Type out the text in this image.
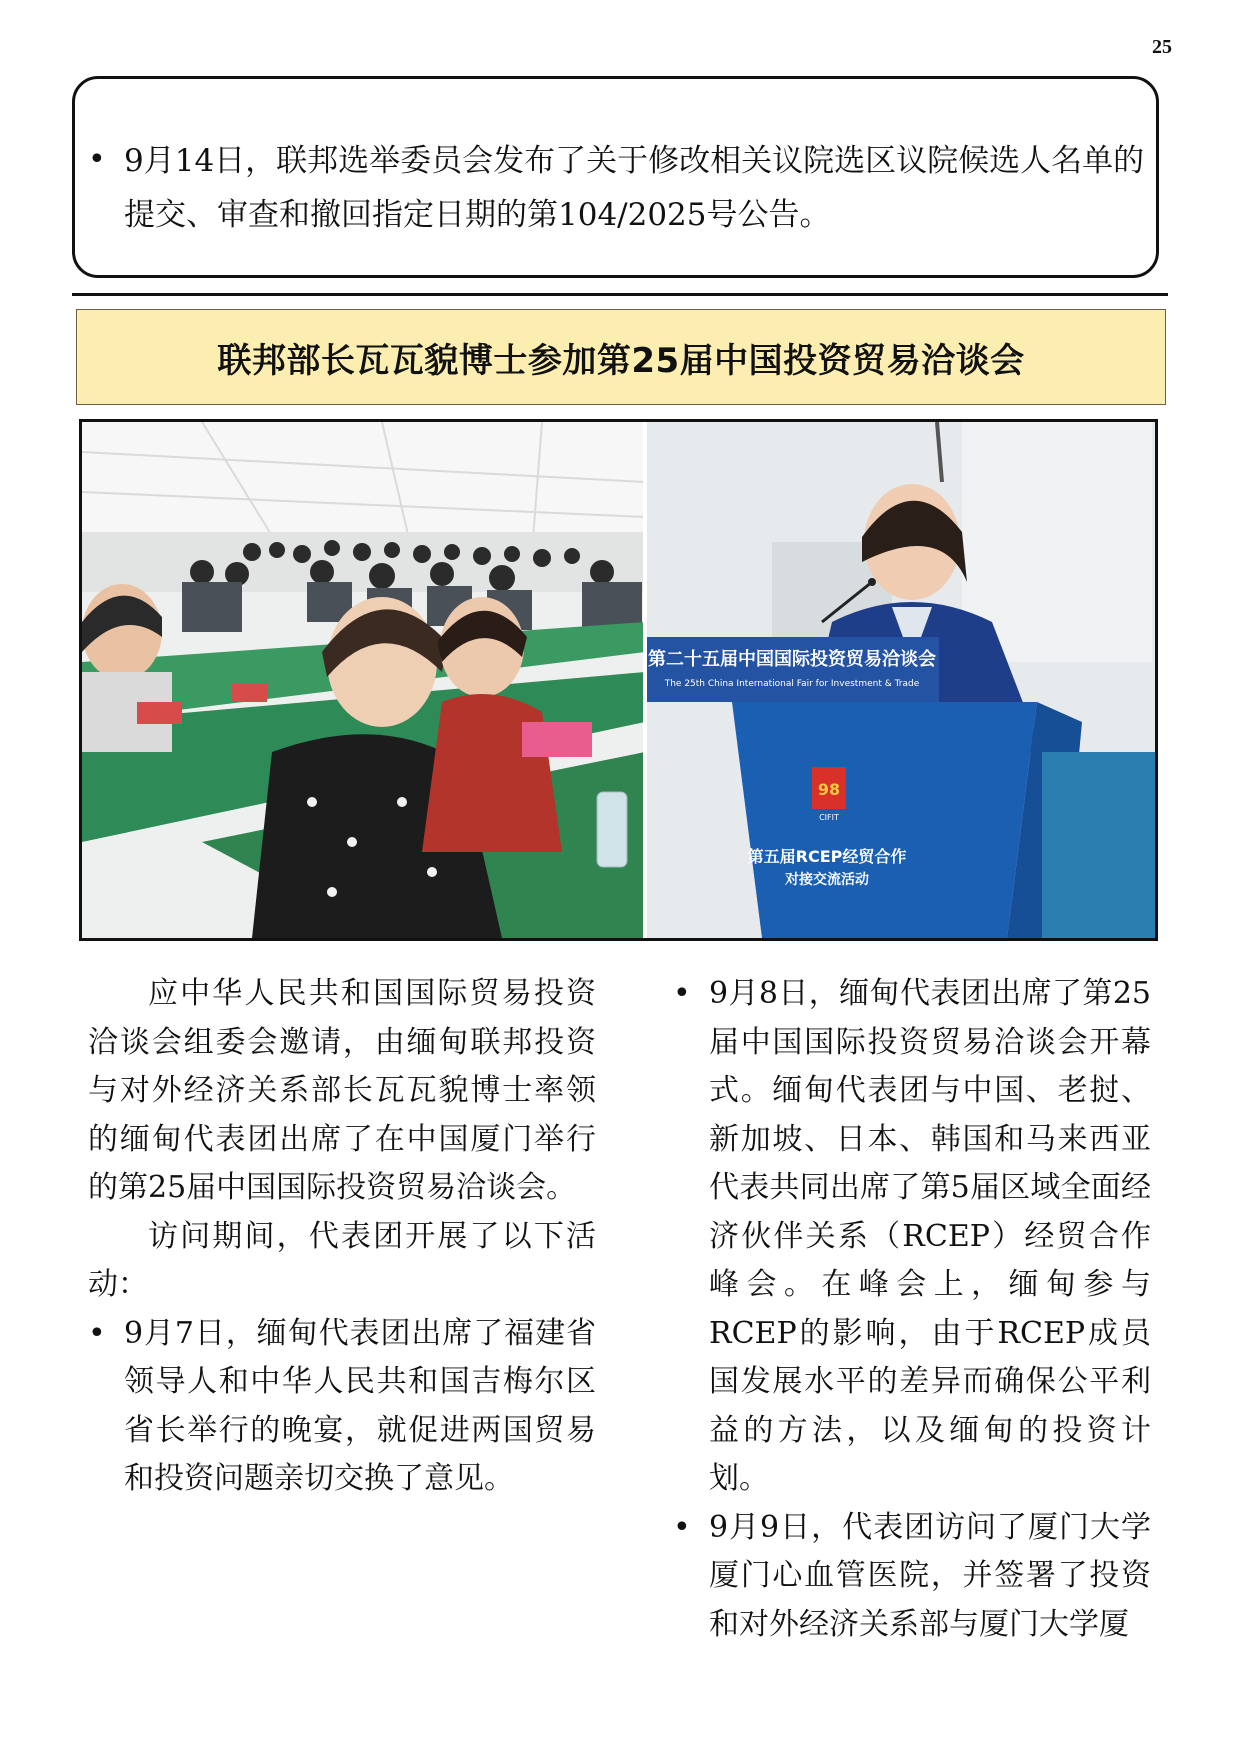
25
• 9月14日，联邦选举委员会发布了关于修改相关议院选区议院候选人名单的提交、审查和撤回指定日期的第104/2025号公告。

联邦部长瓦瓦貌博士参加第25届中国投资贸易洽谈会
第二十五届中国国际投资贸易洽谈会
The 25th China International Fair for Investment & Trade
98
CIFIT
第五届RCEP经贸合作
对接交流活动

应中华人民共和国国际贸易投资洽谈会组委会邀请，由缅甸联邦投资与对外经济关系部长瓦瓦貌博士率领的缅甸代表团出席了在中国厦门举行的第25届中国国际投资贸易洽谈会。

访问期间，代表团开展了以下活动：

• 9月7日，缅甸代表团出席了福建省领导人和中华人民共和国吉梅尔区省长举行的晚宴，就促进两国贸易和投资问题亲切交换了意见。

• 9月8日，缅甸代表团出席了第25届中国国际投资贸易洽谈会开幕式。缅甸代表团与中国、老挝、新加坡、日本、韩国和马来西亚代表共同出席了第5届区域全面经济伙伴关系（RCEP）经贸合作峰会。在峰会上，缅甸参与RCEP的影响，由于RCEP成员国发展水平的差异而确保公平利益的方法，以及缅甸的投资计划。

• 9月9日，代表团访问了厦门大学厦门心血管医院，并签署了投资和对外经济关系部与厦门大学厦
